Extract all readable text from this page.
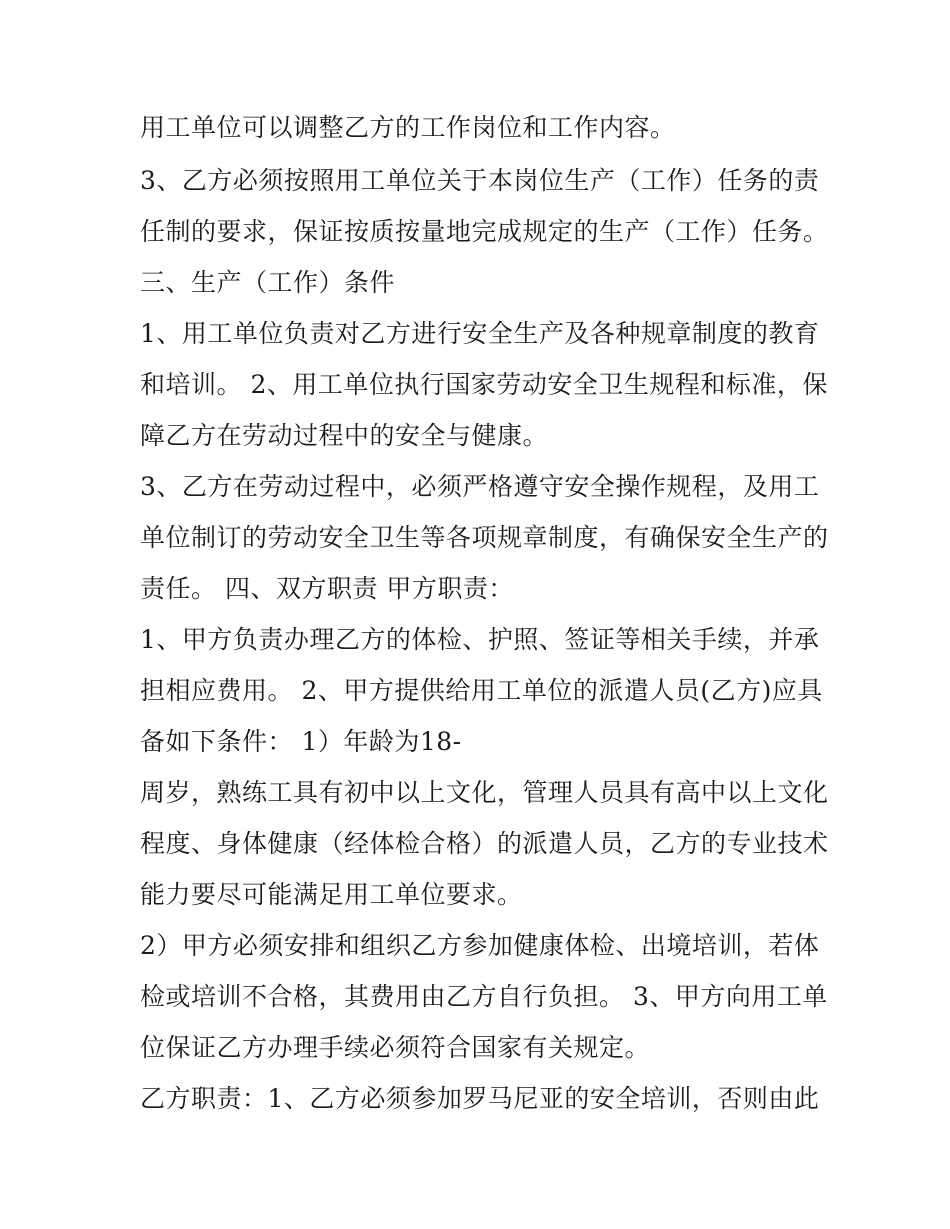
用工单位可以调整乙方的工作岗位和工作内容。
3、乙方必须按照用工单位关于本岗位生产（工作）任务的责
任制的要求，保证按质按量地完成规定的生产（工作）任务。
三、生产（工作）条件
1、用工单位负责对乙方进行安全生产及各种规章制度的教育
和培训。 2、用工单位执行国家劳动安全卫生规程和标准，保
障乙方在劳动过程中的安全与健康。
3、乙方在劳动过程中，必须严格遵守安全操作规程，及用工
单位制订的劳动安全卫生等各项规章制度，有确保安全生产的
责任。 四、双方职责 甲方职责：
1、甲方负责办理乙方的体检、护照、签证等相关手续，并承
担相应费用。 2、甲方提供给用工单位的派遣人员(乙方)应具
备如下条件： 1）年龄为18-
周岁，熟练工具有初中以上文化，管理人员具有高中以上文化
程度、身体健康（经体检合格）的派遣人员，乙方的专业技术
能力要尽可能满足用工单位要求。
2）甲方必须安排和组织乙方参加健康体检、出境培训，若体
检或培训不合格，其费用由乙方自行负担。 3、甲方向用工单
位保证乙方办理手续必须符合国家有关规定。
乙方职责：1、乙方必须参加罗马尼亚的安全培训，否则由此
